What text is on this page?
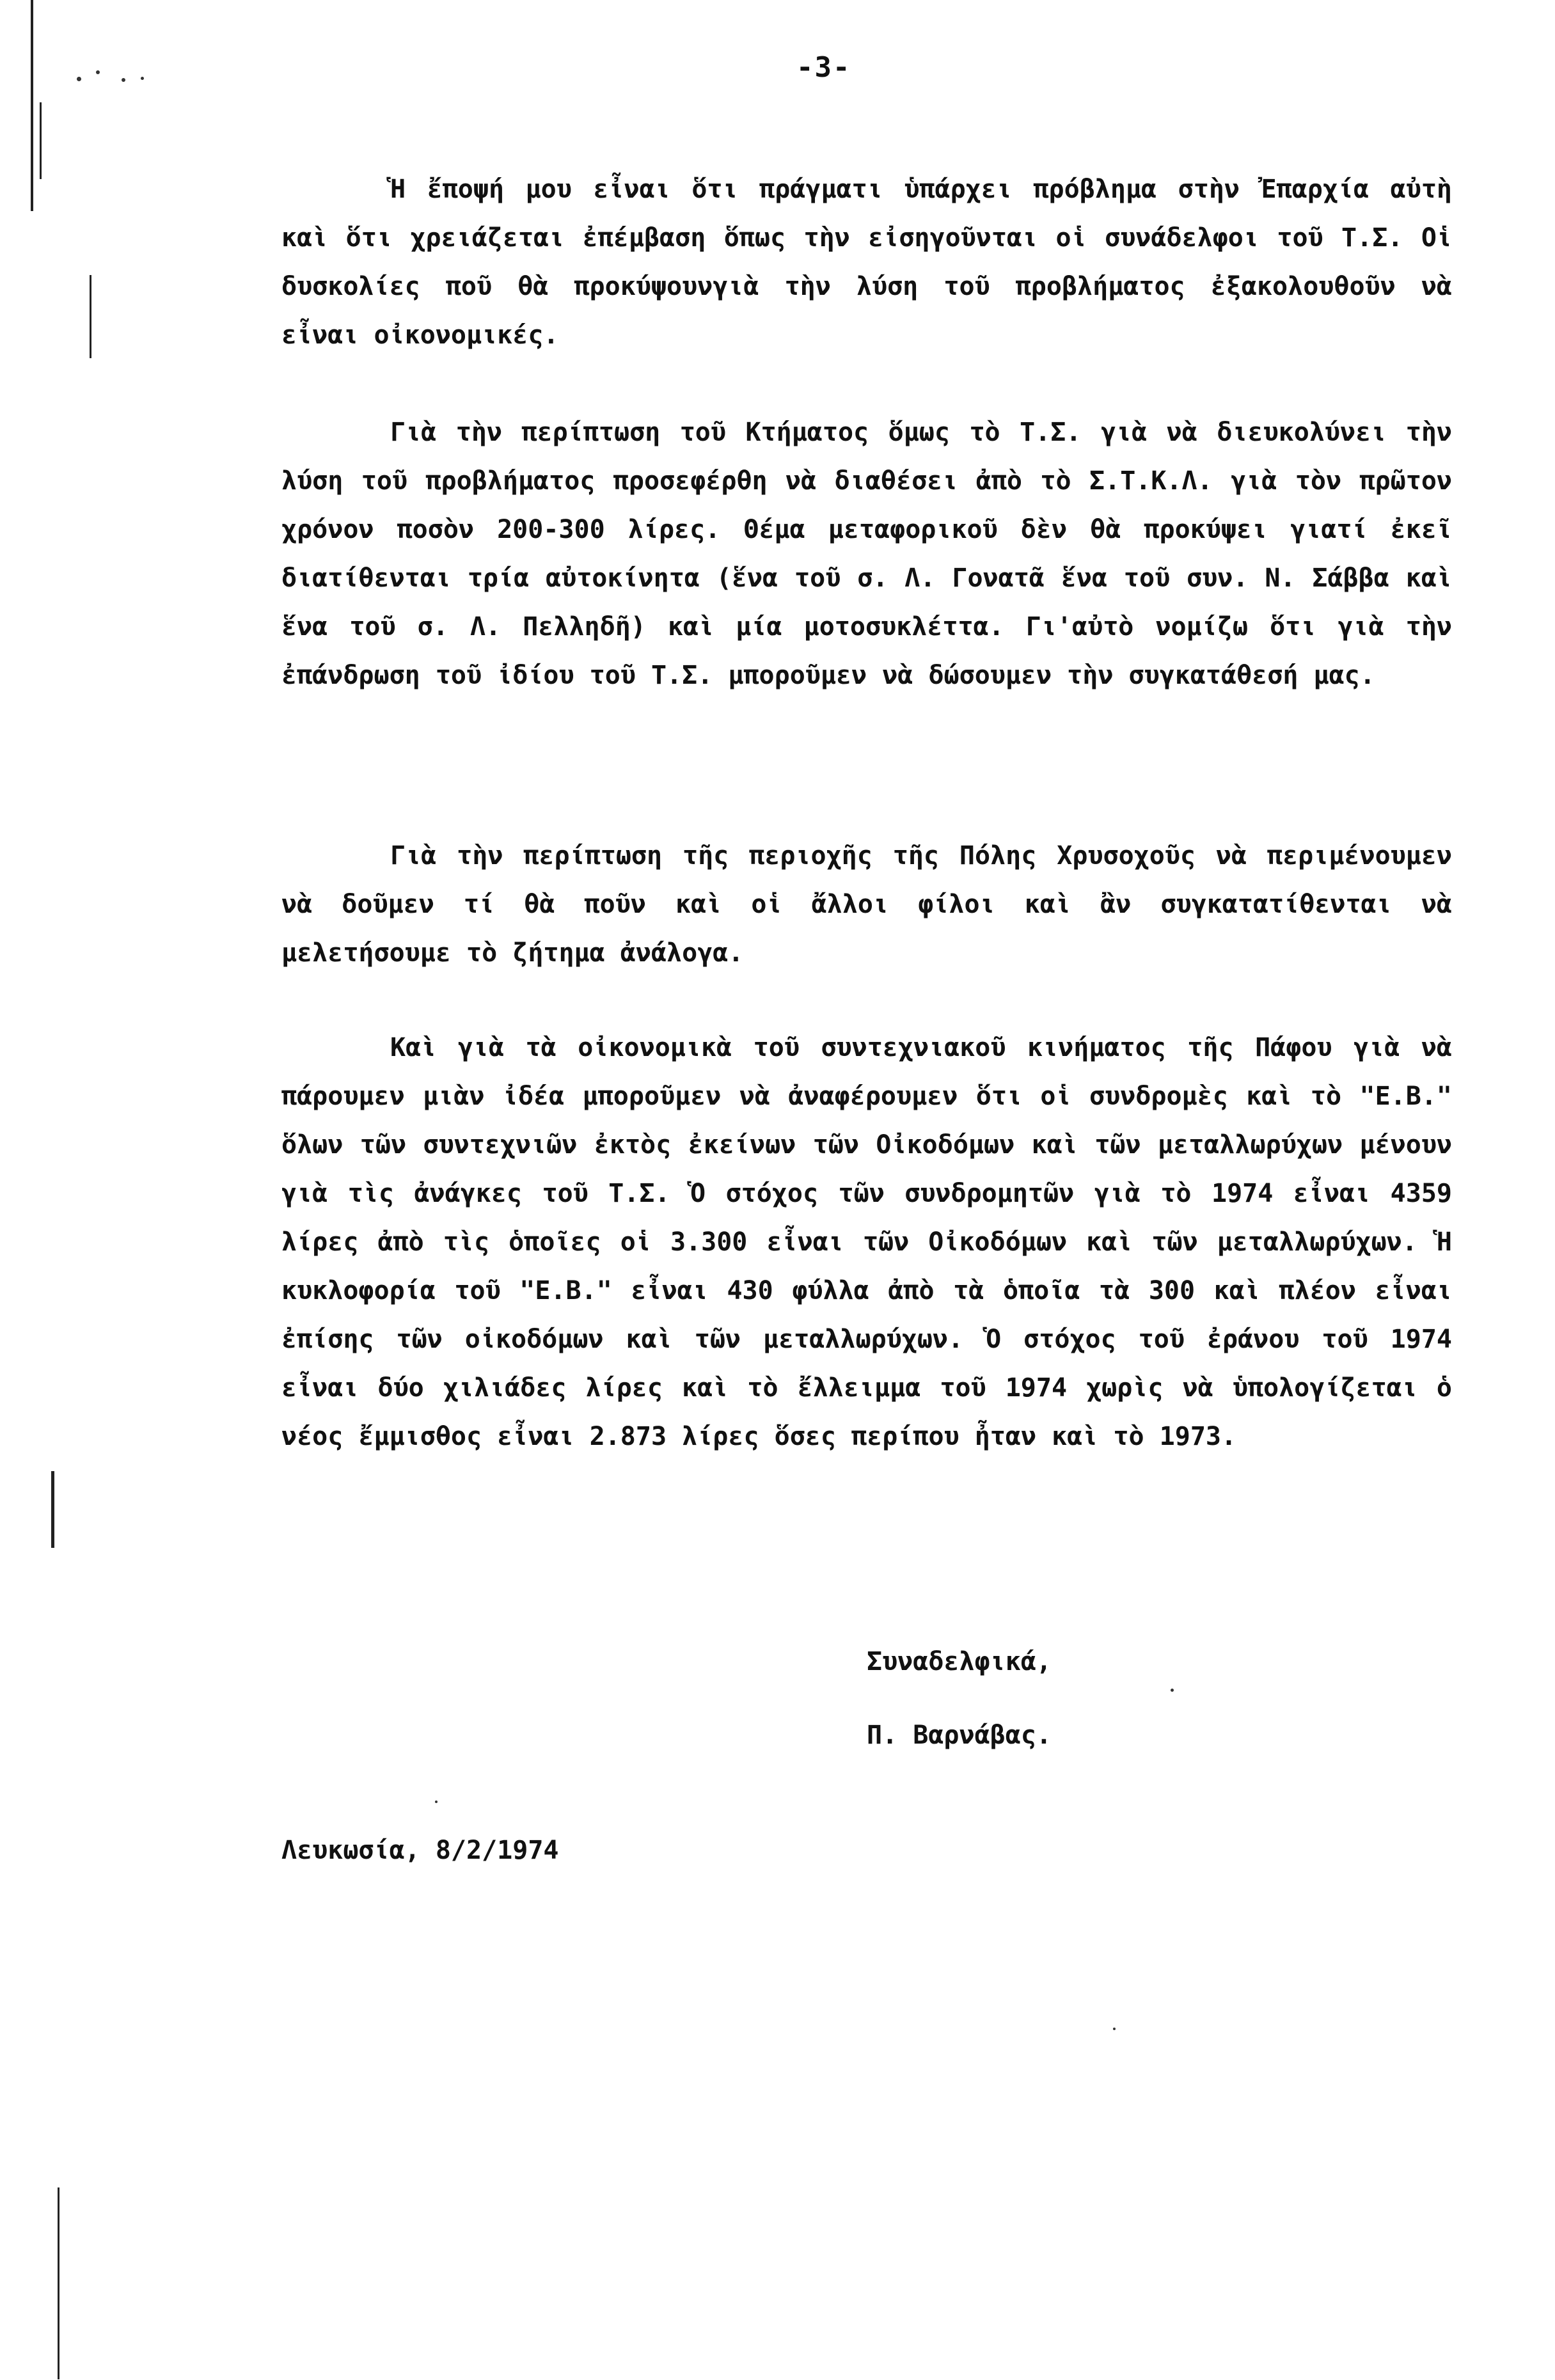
-3-

Ἡ ἔποψή μου εἶναι ὅτι πράγματι ὑπάρχει πρόβλημα στὴν Ἐπαρχία αὐτὴ καὶ ὅτι χρειάζεται ἐπέμβαση ὅπως τὴν εἰσηγοῦνται οἱ συνάδελφοι τοῦ Τ.Σ. Οἱ δυσκολίες ποῦ θὰ προκύψουνγιὰ τὴν λύση τοῦ προβλήματος ἐξακολουθοῦν νὰ εἶναι οἰκονομικές.

Γιὰ τὴν περίπτωση τοῦ Κτήματος ὅμως τὸ Τ.Σ. γιὰ νὰ διευκολύνει τὴν λύση τοῦ προβλήματος προσεφέρθη νὰ διαθέσει ἀπὸ τὸ Σ.Τ.Κ.Λ. γιὰ τὸν πρῶτον χρόνον ποσὸν 200-300 λίρες. Θέμα μεταφορικοῦ δὲν θὰ προκύψει γιατί ἐκεῖ διατίθενται τρία αὐτοκίνητα (ἕνα τοῦ σ. Λ. Γονατᾶ ἕνα τοῦ συν. Ν. Σάββα καὶ ἕνα τοῦ σ. Λ. Πελληδῆ) καὶ μία μοτοσυκλέττα. Γι'αὐτὸ νομίζω ὅτι γιὰ τὴν ἐπάνδρωση τοῦ ἰδίου τοῦ Τ.Σ. μποροῦμεν νὰ δώσουμεν τὴν συγκατάθεσή μας.

Γιὰ τὴν περίπτωση τῆς περιοχῆς τῆς Πόλης Χρυσοχοῦς νὰ περιμένουμεν νὰ δοῦμεν τί θὰ ποῦν καὶ οἱ ἄλλοι φίλοι καὶ ἂν συγκατατίθενται νὰ μελετήσουμε τὸ ζήτημα ἀνάλογα.

Καὶ γιὰ τὰ οἰκονομικὰ τοῦ συντεχνιακοῦ κινήματος τῆς Πάφου γιὰ νὰ πάρουμεν μιὰν ἰδέα μποροῦμεν νὰ ἀναφέρουμεν ὅτι οἱ συνδρομὲς καὶ τὸ "Ε.Β." ὅλων τῶν συντεχνιῶν ἐκτὸς ἐκείνων τῶν Οἰκοδόμων καὶ τῶν μεταλλωρύχων μένουν γιὰ τὶς ἀνάγκες τοῦ Τ.Σ. Ὁ στόχος τῶν συνδρομητῶν γιὰ τὸ 1974 εἶναι 4359 λίρες ἀπὸ τὶς ὁποῖες οἱ 3.300 εἶναι τῶν Οἰκοδόμων καὶ τῶν μεταλλωρύχων. Ἡ κυκλοφορία τοῦ "Ε.Β." εἶναι 430 φύλλα ἀπὸ τὰ ὁποῖα τὰ 300 καὶ πλέον εἶναι ἐπίσης τῶν οἰκοδόμων καὶ τῶν μεταλλωρύχων. Ὁ στόχος τοῦ ἐράνου τοῦ 1974 εἶναι δύο χιλιάδες λίρες καὶ τὸ ἔλλειμμα τοῦ 1974 χωρὶς νὰ ὑπολογίζεται ὁ νέος ἔμμισθος εἶναι 2.873 λίρες ὅσες περίπου ἦταν καὶ τὸ 1973.

Συναδελφικά,
Π. Βαρνάβας.
Λευκωσία, 8/2/1974
